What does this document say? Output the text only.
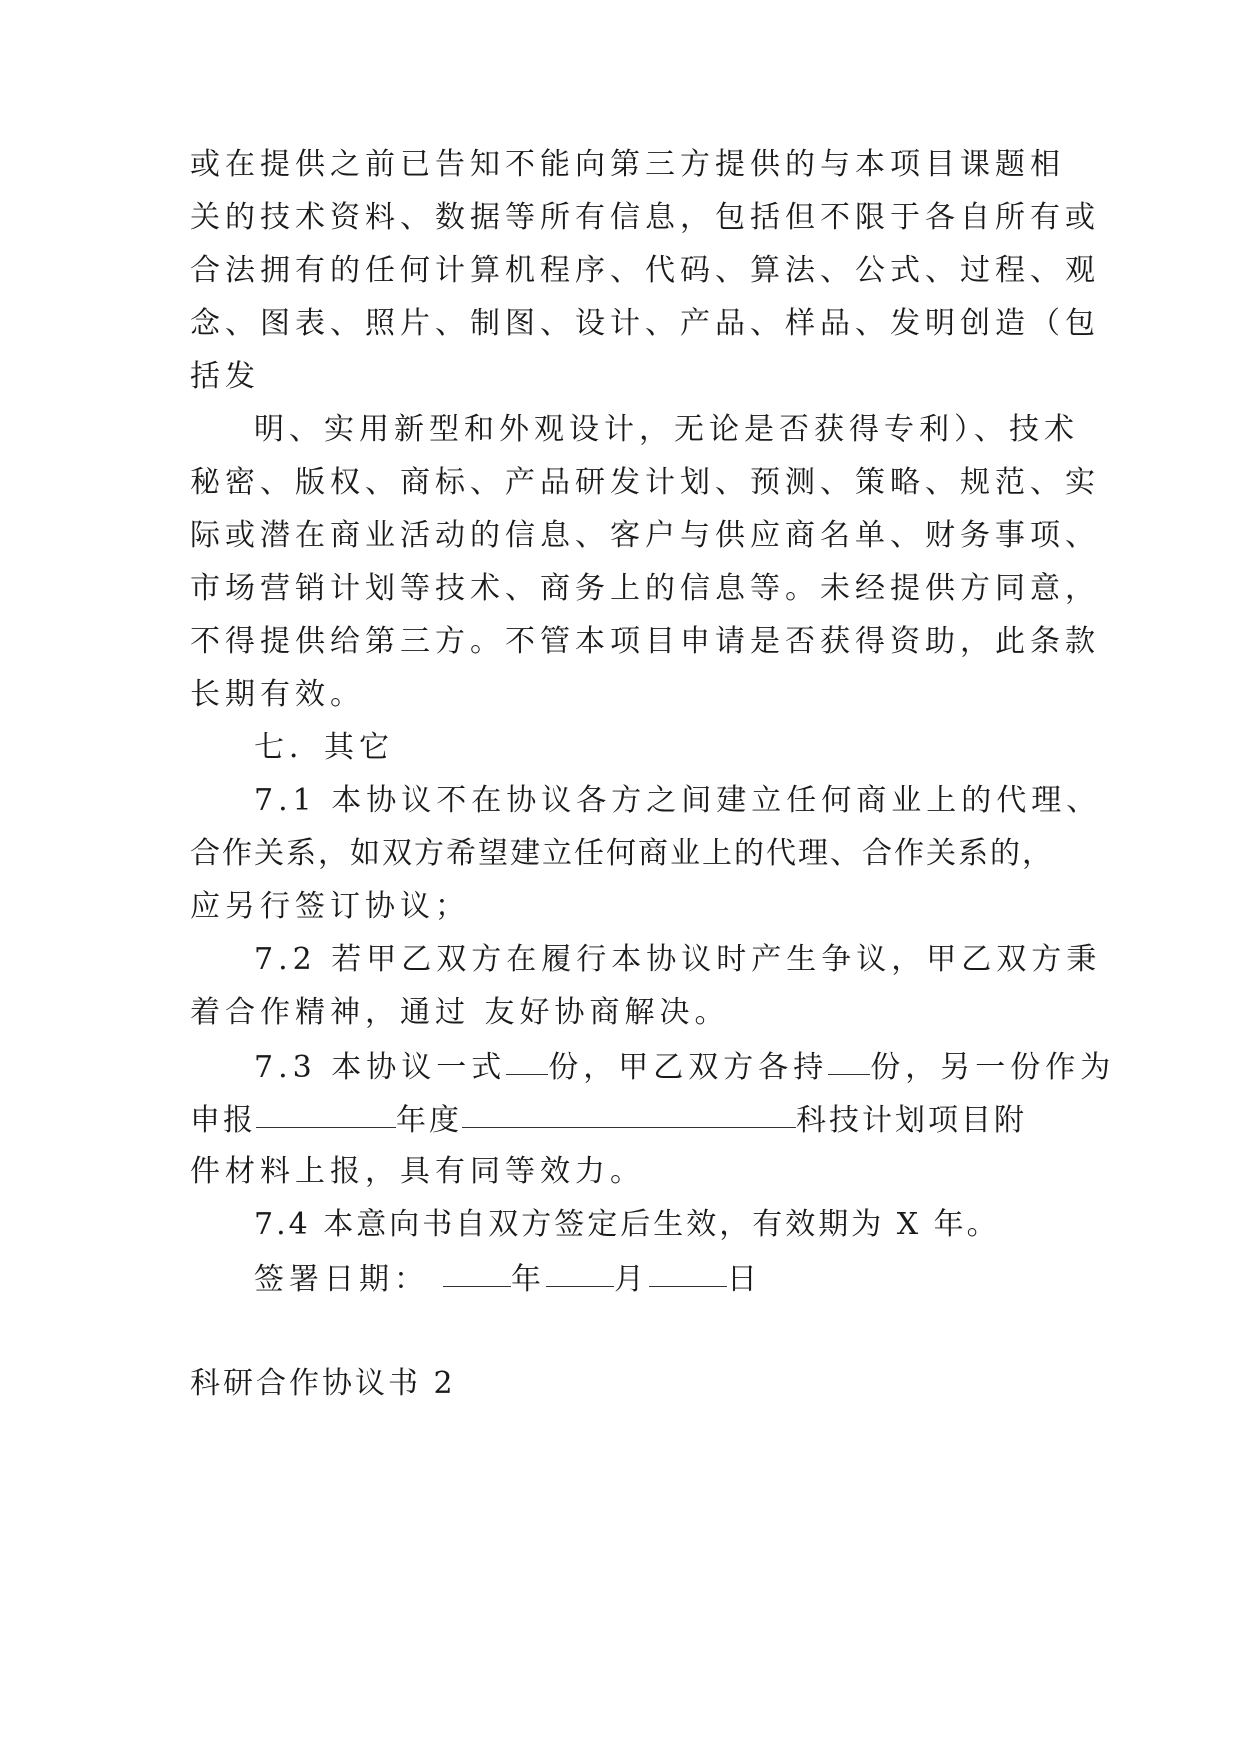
或在提供之前已告知不能向第三方提供的与本项目课题相
关的技术资料、数据等所有信息，包括但不限于各自所有或
合法拥有的任何计算机程序、代码、算法、公式、过程、观
念、图表、照片、制图、设计、产品、样品、发明创造（包
括发
明、实用新型和外观设计，无论是否获得专利）、技术
秘密、版权、商标、产品研发计划、预测、策略、规范、实
际或潜在商业活动的信息、客户与供应商名单、财务事项、
市场营销计划等技术、商务上的信息等。未经提供方同意，
不得提供给第三方。不管本项目申请是否获得资助，此条款
长期有效。
七．其它
7.1 本协议不在协议各方之间建立任何商业上的代理、
合作关系，如双方希望建立任何商业上的代理、合作关系的，
应另行签订协议；
7.2 若甲乙双方在履行本协议时产生争议，甲乙双方秉
着合作精神，通过 友好协商解决。
7.3 本协议一式 份，甲乙双方各持 份，另一份作为
申报	年度	科技计划项目附
件材料上报，具有同等效力。
7.4 本意向书自双方签定后生效，有效期为 X 年。
签署日期：	年 月	日
科研合作协议书 2
